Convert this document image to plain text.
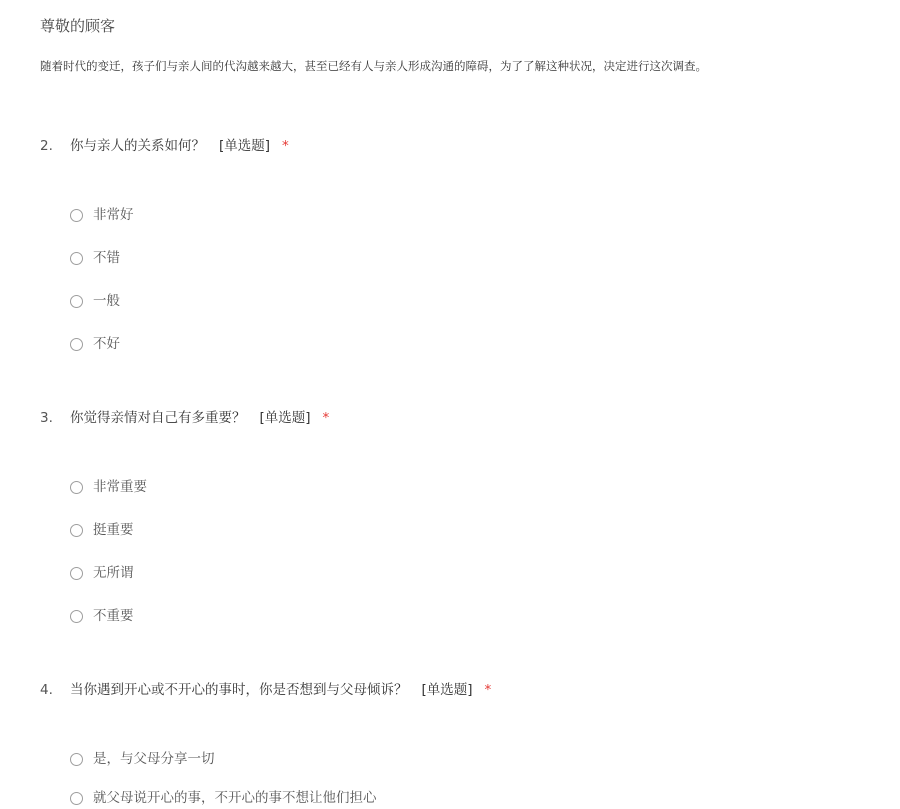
尊敬的顾客
随着时代的变迁，孩子们与亲人间的代沟越来越大，甚至已经有人与亲人形成沟通的障碍，为了了解这种状况，决定进行这次调查。
2. 你与亲人的关系如何？ [单选题] *
非常好
不错
一般
不好
3. 你觉得亲情对自己有多重要？ [单选题] *
非常重要
挺重要
无所谓
不重要
4. 当你遇到开心或不开心的事时，你是否想到与父母倾诉？ [单选题] *
是，与父母分享一切
就父母说开心的事，不开心的事不想让他们担心
